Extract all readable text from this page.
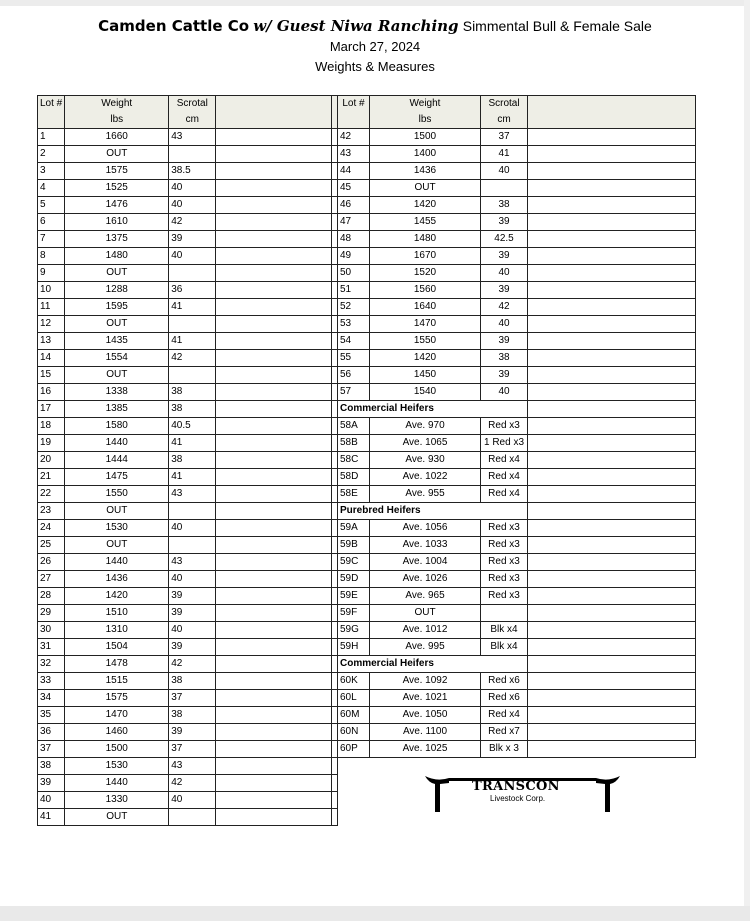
Camden Cattle Co w/ Guest Niwa Ranching Simmental Bull & Female Sale
March 27, 2024
Weights & Measures
Lot #	Weight	Scrotal		
	lbs	cm		
1	1660	43		
2	OUT			
3	1575	38.5		
4	1525	40		
5	1476	40		
6	1610	42		
7	1375	39		
8	1480	40		
9	OUT			
10	1288	36		
11	1595	41		
12	OUT			
13	1435	41		
14	1554	42		
15	OUT			
16	1338	38		
17	1385	38		
18	1580	40.5		
19	1440	41		
20	1444	38		
21	1475	41		
22	1550	43		
23	OUT			
24	1530	40		
25	OUT			
26	1440	43		
27	1436	40		
28	1420	39		
29	1510	39		
30	1310	40		
31	1504	39		
32	1478	42		
33	1515	38		
34	1575	37		
35	1470	38		
36	1460	39		
37	1500	37		
38	1530	43		
39	1440	42		
40	1330	40		
41	OUT			
Lot #	Weight	Scrotal	
	lbs	cm	
42	1500	37	
43	1400	41	
44	1436	40	
45	OUT		
46	1420	38	
47	1455	39	
48	1480	42.5	
49	1670	39	
50	1520	40	
51	1560	39	
52	1640	42	
53	1470	40	
54	1550	39	
55	1420	38	
56	1450	39	
57	1540	40	
Commercial Heifers			
58A	Ave. 970	Red x3	
58B	Ave. 1065	1 Red x3	
58C	Ave. 930	Red x4	
58D	Ave. 1022	Red x4	
58E	Ave. 955	Red x4	
Purebred Heifers			
59A	Ave. 1056	Red x3	
59B	Ave. 1033	Red x3	
59C	Ave. 1004	Red x3	
59D	Ave. 1026	Red x3	
59E	Ave. 965	Red x3	
59F	OUT		
59G	Ave. 1012	Blk x4	
59H	Ave. 995	Blk x4	
Commercial Heifers			
60K	Ave. 1092	Red x6	
60L	Ave. 1021	Red x6	
60M	Ave. 1050	Red x4	
60N	Ave. 1100	Red x7	
60P	Ave. 1025	Blk x 3	
TRANSCON
Livestock Corp.
